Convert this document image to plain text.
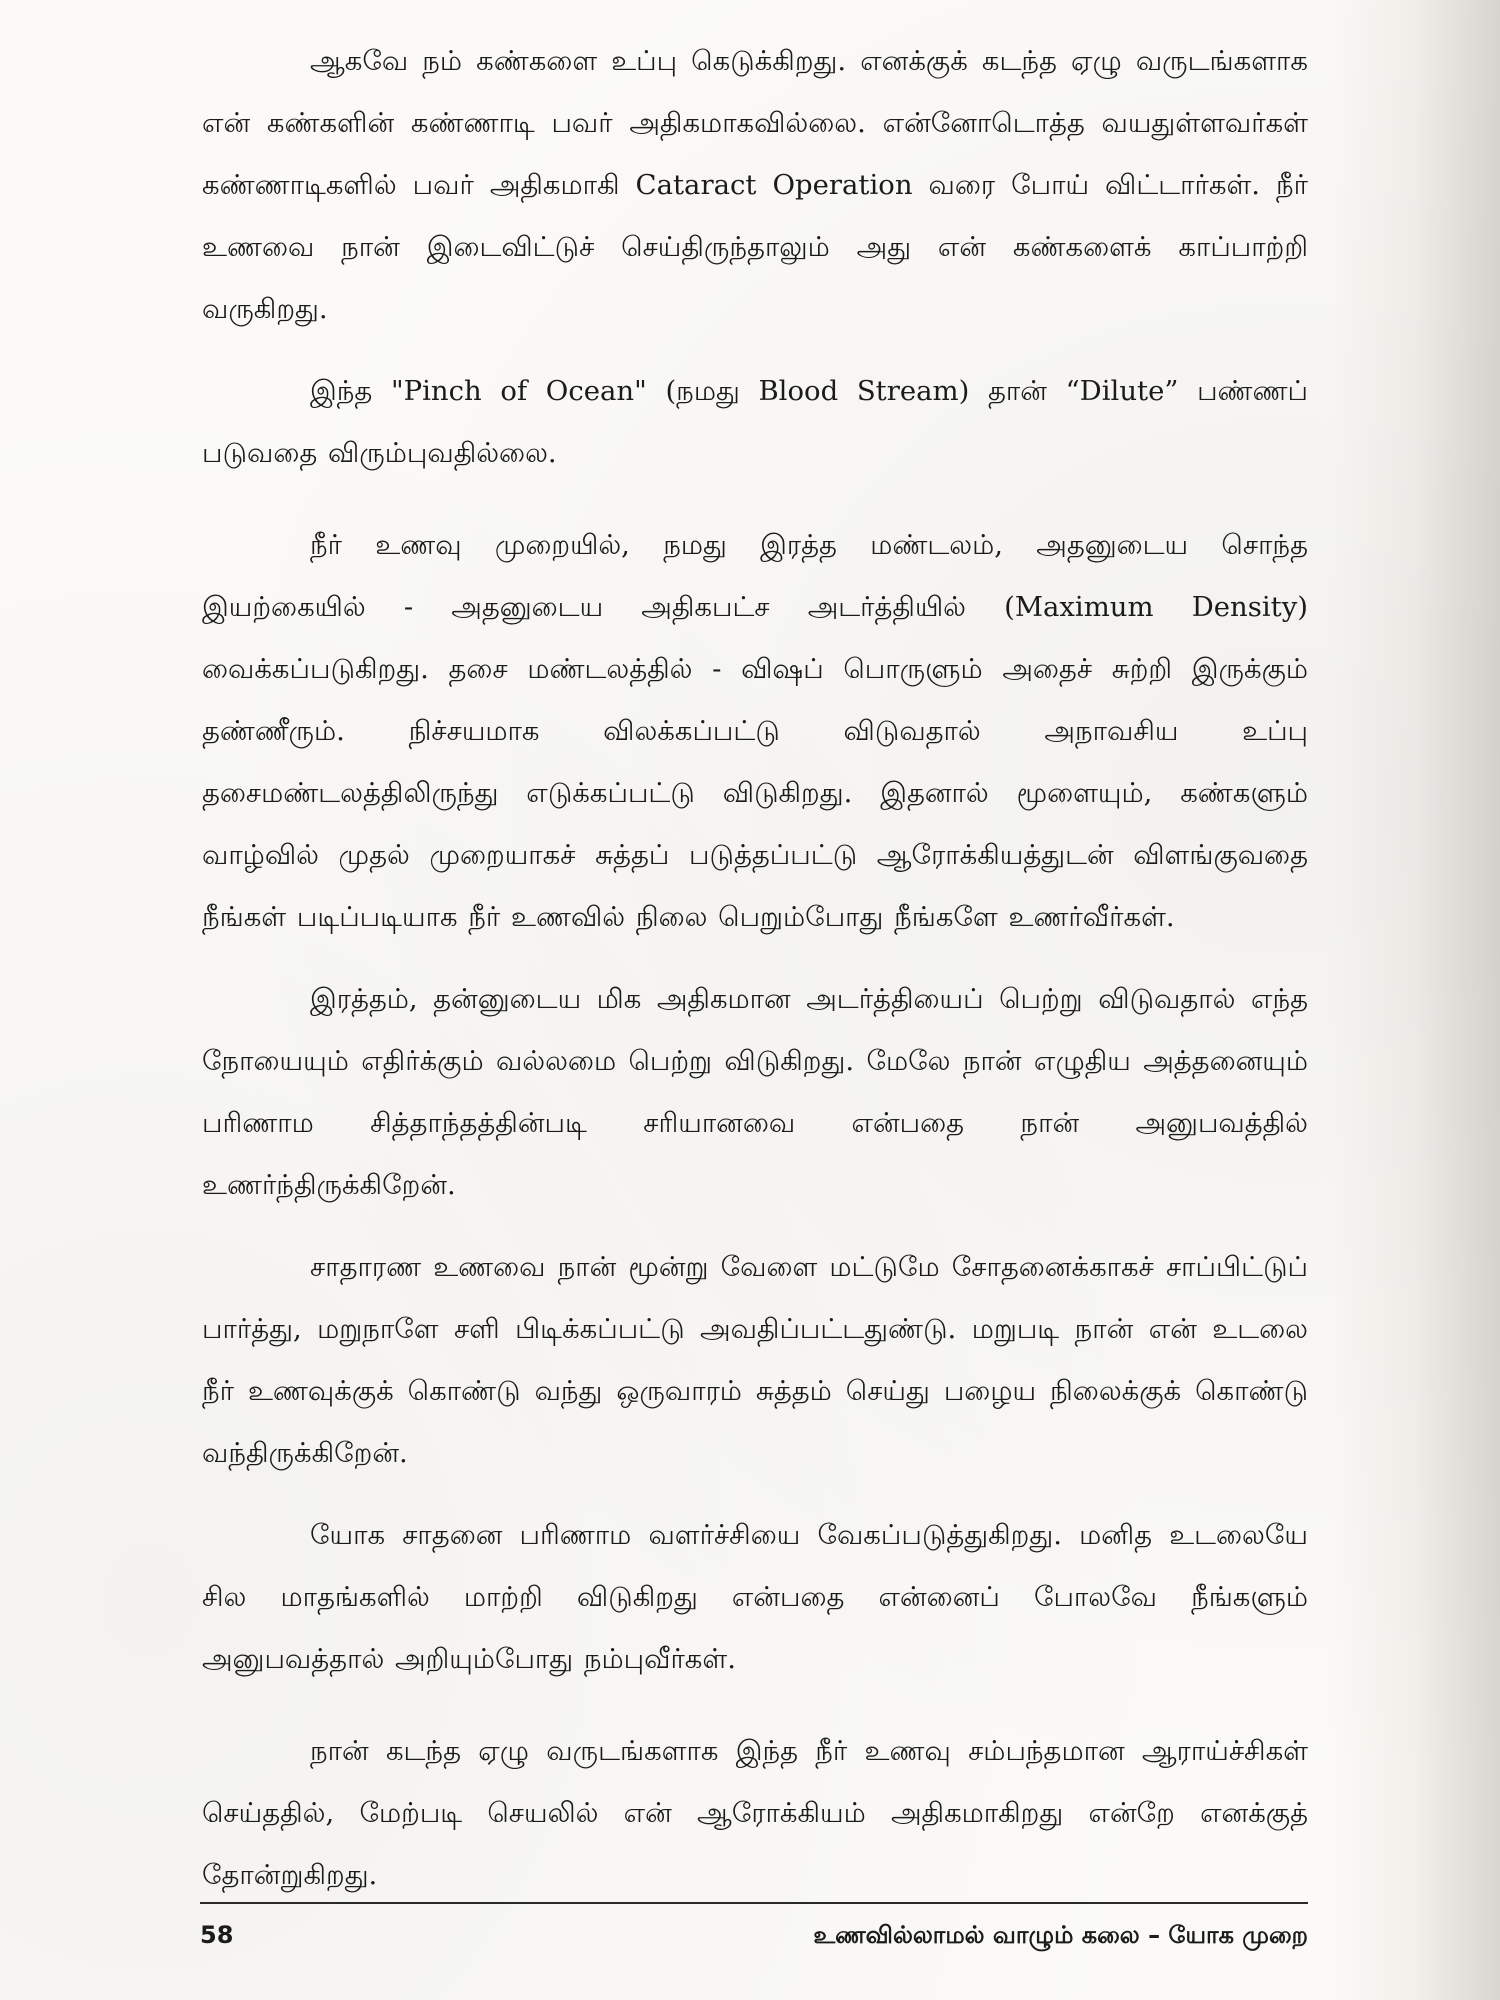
ஆகவே நம் கண்களை உப்பு கெடுக்கிறது. எனக்குக் கடந்த ஏழு வருடங்களாக என் கண்களின் கண்ணாடி பவர் அதிகமாகவில்லை. என்னோடொத்த வயதுள்ளவர்கள் கண்ணாடிகளில் பவர் அதிகமாகி Cataract Operation வரை போய் விட்டார்கள். நீர் உணவை நான் இடைவிட்டுச் செய்திருந்தாலும் அது என் கண்களைக் காப்பாற்றி வருகிறது.

இந்த "Pinch of Ocean" (நமது Blood Stream) தான் “Dilute” பண்ணப் படுவதை விரும்புவதில்லை.

நீர் உணவு முறையில், நமது இரத்த மண்டலம், அதனுடைய சொந்த இயற்கையில் - அதனுடைய அதிகபட்ச அடர்த்தியில் (Maximum Density) வைக்கப்படுகிறது. தசை மண்டலத்தில் - விஷப் பொருளும் அதைச் சுற்றி இருக்கும் தண்ணீரும். நிச்சயமாக விலக்கப்பட்டு விடுவதால் அநாவசிய உப்பு தசைமண்டலத்திலிருந்து எடுக்கப்பட்டு விடுகிறது. இதனால் மூளையும், கண்களும் வாழ்வில் முதல் முறையாகச் சுத்தப் படுத்தப்பட்டு ஆரோக்கியத்துடன் விளங்குவதை நீங்கள் படிப்படியாக நீர் உணவில் நிலை பெறும்போது நீங்களே உணர்வீர்கள்.

இரத்தம், தன்னுடைய மிக அதிகமான அடர்த்தியைப் பெற்று விடுவதால் எந்த நோயையும் எதிர்க்கும் வல்லமை பெற்று விடுகிறது. மேலே நான் எழுதிய அத்தனையும் பரிணாம சித்தாந்தத்தின்படி சரியானவை என்பதை நான் அனுபவத்தில் உணர்ந்திருக்கிறேன்.

சாதாரண உணவை நான் மூன்று வேளை மட்டுமே சோதனைக்காகச் சாப்பிட்டுப் பார்த்து, மறுநாளே சளி பிடிக்கப்பட்டு அவதிப்பட்டதுண்டு. மறுபடி நான் என் உடலை நீர் உணவுக்குக் கொண்டு வந்து ஒருவாரம் சுத்தம் செய்து பழைய நிலைக்குக் கொண்டு வந்திருக்கிறேன்.

யோக சாதனை பரிணாம வளர்ச்சியை வேகப்படுத்துகிறது. மனித உடலையே சில மாதங்களில் மாற்றி விடுகிறது என்பதை என்னைப் போலவே நீங்களும் அனுபவத்தால் அறியும்போது நம்புவீர்கள்.

நான் கடந்த ஏழு வருடங்களாக இந்த நீர் உணவு சம்பந்தமான ஆராய்ச்சிகள் செய்ததில், மேற்படி செயலில் என் ஆரோக்கியம் அதிகமாகிறது என்றே எனக்குத் தோன்றுகிறது.

58	உணவில்லாமல் வாழும் கலை – யோக முறை
